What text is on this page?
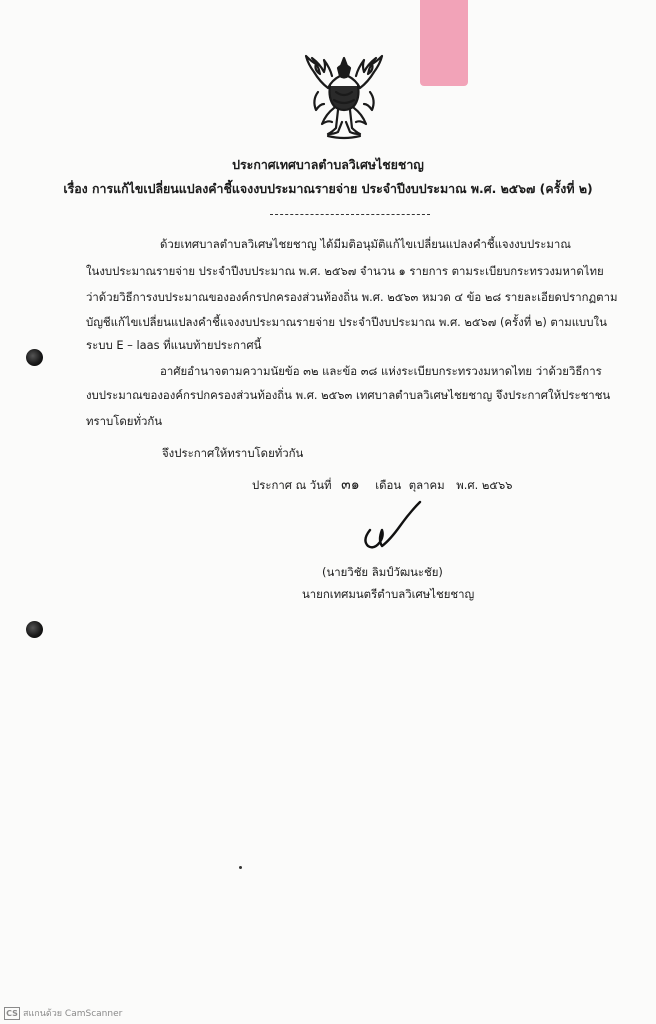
ประกาศเทศบาลตำบลวิเศษไชยชาญ
เรื่อง การแก้ไขเปลี่ยนแปลงคำชี้แจงงบประมาณรายจ่าย ประจำปีงบประมาณ พ.ศ. ๒๕๖๗ (ครั้งที่ ๒)
ด้วยเทศบาลตำบลวิเศษไชยชาญ ได้มีมติอนุมัติแก้ไขเปลี่ยนแปลงคำชี้แจงงบประมาณ
ในงบประมาณรายจ่าย ประจำปีงบประมาณ พ.ศ. ๒๕๖๗ จำนวน ๑ รายการ ตามระเบียบกระทรวงมหาดไทย
ว่าด้วยวิธีการงบประมาณขององค์กรปกครองส่วนท้องถิ่น พ.ศ. ๒๕๖๓ หมวด ๔ ข้อ ๒๘ รายละเอียดปรากฏตาม
บัญชีแก้ไขเปลี่ยนแปลงคำชี้แจงงบประมาณรายจ่าย ประจำปีงบประมาณ พ.ศ. ๒๕๖๗ (ครั้งที่ ๒) ตามแบบใน
ระบบ E – laas ที่แนบท้ายประกาศนี้
อาศัยอำนาจตามความนัยข้อ ๓๒ และข้อ ๓๘ แห่งระเบียบกระทรวงมหาดไทย ว่าด้วยวิธีการ
งบประมาณขององค์กรปกครองส่วนท้องถิ่น พ.ศ. ๒๕๖๓ เทศบาลตำบลวิเศษไชยชาญ จึงประกาศให้ประชาชน
ทราบโดยทั่วกัน
จึงประกาศให้ทราบโดยทั่วกัน
ประกาศ ณ วันที่ ๓๑ เดือน ตุลาคม พ.ศ. ๒๕๖๖
(นายวิชัย ลิมป์วัฒนะชัย)
นายกเทศมนตรีตำบลวิเศษไชยชาญ
CS สแกนด้วย CamScanner
